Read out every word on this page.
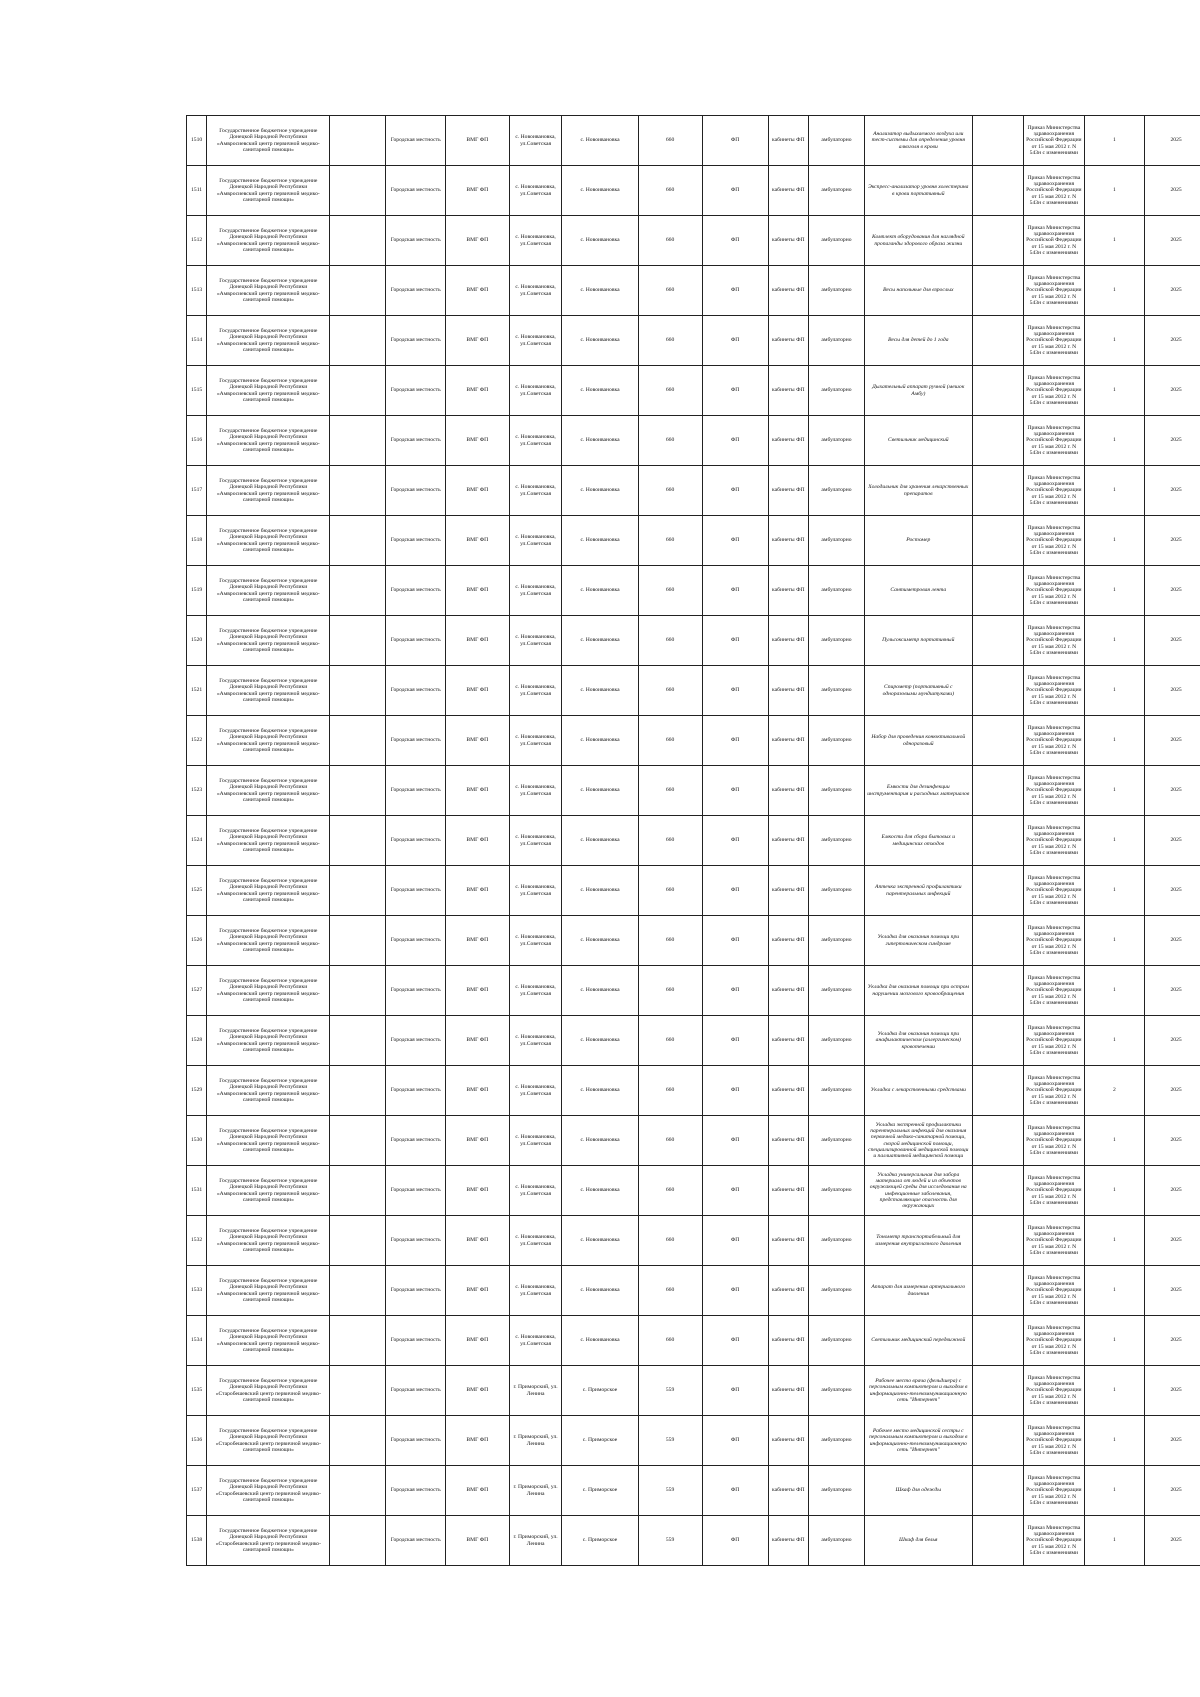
1510	Государственное бюджетное учреждение Донецкой Народной Республики «Амвросиевский центр первичной медико-санитарной помощи»		Городская местность	ВМГ ФП	с. Новоивановка, ул.Советская	с. Новоивановка	660	ФП	кабинеты ФП	амбулаторно	Анализатор выдыхаемого воздуха или тест-системы для определения уровня алкоголя в крови		Приказ Министерства здравоохранения Российской Федерации от 15 мая 2012 г. N 543н с изменениями	1	2025
1511	Государственное бюджетное учреждение Донецкой Народной Республики «Амвросиевский центр первичной медико-санитарной помощи»		Городская местность	ВМГ ФП	с. Новоивановка, ул.Советская	с. Новоивановка	660	ФП	кабинеты ФП	амбулаторно	Экспресс-анализатор уровня холестерина в крови портативный		Приказ Министерства здравоохранения Российской Федерации от 15 мая 2012 г. N 543н с изменениями	1	2025
1512	Государственное бюджетное учреждение Донецкой Народной Республики «Амвросиевский центр первичной медико-санитарной помощи»		Городская местность	ВМГ ФП	с. Новоивановка, ул.Советская	с. Новоивановка	660	ФП	кабинеты ФП	амбулаторно	Комплект оборудования для наглядной пропаганды здорового образа жизни		Приказ Министерства здравоохранения Российской Федерации от 15 мая 2012 г. N 543н с изменениями	1	2025
1513	Государственное бюджетное учреждение Донецкой Народной Республики «Амвросиевский центр первичной медико-санитарной помощи»		Городская местность	ВМГ ФП	с. Новоивановка, ул.Советская	с. Новоивановка	660	ФП	кабинеты ФП	амбулаторно	Весы напольные для взрослых		Приказ Министерства здравоохранения Российской Федерации от 15 мая 2012 г. N 543н с изменениями	1	2025
1514	Государственное бюджетное учреждение Донецкой Народной Республики «Амвросиевский центр первичной медико-санитарной помощи»		Городская местность	ВМГ ФП	с. Новоивановка, ул.Советская	с. Новоивановка	660	ФП	кабинеты ФП	амбулаторно	Весы для детей до 1 года		Приказ Министерства здравоохранения Российской Федерации от 15 мая 2012 г. N 543н с изменениями	1	2025
1515	Государственное бюджетное учреждение Донецкой Народной Республики «Амвросиевский центр первичной медико-санитарной помощи»		Городская местность	ВМГ ФП	с. Новоивановка, ул.Советская	с. Новоивановка	660	ФП	кабинеты ФП	амбулаторно	Дыхательный аппарат ручной (мешок Амбу)		Приказ Министерства здравоохранения Российской Федерации от 15 мая 2012 г. N 543н с изменениями	1	2025
1516	Государственное бюджетное учреждение Донецкой Народной Республики «Амвросиевский центр первичной медико-санитарной помощи»		Городская местность	ВМГ ФП	с. Новоивановка, ул.Советская	с. Новоивановка	660	ФП	кабинеты ФП	амбулаторно	Светильник медицинский		Приказ Министерства здравоохранения Российской Федерации от 15 мая 2012 г. N 543н с изменениями	1	2025
1517	Государственное бюджетное учреждение Донецкой Народной Республики «Амвросиевский центр первичной медико-санитарной помощи»		Городская местность	ВМГ ФП	с. Новоивановка, ул.Советская	с. Новоивановка	660	ФП	кабинеты ФП	амбулаторно	Холодильник для хранения лекарственных препаратов		Приказ Министерства здравоохранения Российской Федерации от 15 мая 2012 г. N 543н с изменениями	1	2025
1518	Государственное бюджетное учреждение Донецкой Народной Республики «Амвросиевский центр первичной медико-санитарной помощи»		Городская местность	ВМГ ФП	с. Новоивановка, ул.Советская	с. Новоивановка	660	ФП	кабинеты ФП	амбулаторно	Ростомер		Приказ Министерства здравоохранения Российской Федерации от 15 мая 2012 г. N 543н с изменениями	1	2025
1519	Государственное бюджетное учреждение Донецкой Народной Республики «Амвросиевский центр первичной медико-санитарной помощи»		Городская местность	ВМГ ФП	с. Новоивановка, ул.Советская	с. Новоивановка	660	ФП	кабинеты ФП	амбулаторно	Сантиметровая лента		Приказ Министерства здравоохранения Российской Федерации от 15 мая 2012 г. N 543н с изменениями	1	2025
1520	Государственное бюджетное учреждение Донецкой Народной Республики «Амвросиевский центр первичной медико-санитарной помощи»		Городская местность	ВМГ ФП	с. Новоивановка, ул.Советская	с. Новоивановка	660	ФП	кабинеты ФП	амбулаторно	Пульсоксиметр портативный		Приказ Министерства здравоохранения Российской Федерации от 15 мая 2012 г. N 543н с изменениями	1	2025
1521	Государственное бюджетное учреждение Донецкой Народной Республики «Амвросиевский центр первичной медико-санитарной помощи»		Городская местность	ВМГ ФП	с. Новоивановка, ул.Советская	с. Новоивановка	660	ФП	кабинеты ФП	амбулаторно	Спирометр (портативный с одноразовыми мундштуками)		Приказ Министерства здравоохранения Российской Федерации от 15 мая 2012 г. N 543н с изменениями	1	2025
1522	Государственное бюджетное учреждение Донецкой Народной Республики «Амвросиевский центр первичной медико-санитарной помощи»		Городская местность	ВМГ ФП	с. Новоивановка, ул.Советская	с. Новоивановка	660	ФП	кабинеты ФП	амбулаторно	Набор для проведения конюктивальной одноразовый		Приказ Министерства здравоохранения Российской Федерации от 15 мая 2012 г. N 543н с изменениями	1	2025
1523	Государственное бюджетное учреждение Донецкой Народной Республики «Амвросиевский центр первичной медико-санитарной помощи»		Городская местность	ВМГ ФП	с. Новоивановка, ул.Советская	с. Новоивановка	660	ФП	кабинеты ФП	амбулаторно	Емкости для дезинфекции инструментария и расходных материалов		Приказ Министерства здравоохранения Российской Федерации от 15 мая 2012 г. N 543н с изменениями	1	2025
1524	Государственное бюджетное учреждение Донецкой Народной Республики «Амвросиевский центр первичной медико-санитарной помощи»		Городская местность	ВМГ ФП	с. Новоивановка, ул.Советская	с. Новоивановка	660	ФП	кабинеты ФП	амбулаторно	Емкости для сбора бытовых и медицинских отходов		Приказ Министерства здравоохранения Российской Федерации от 15 мая 2012 г. N 543н с изменениями	1	2025
1525	Государственное бюджетное учреждение Донецкой Народной Республики «Амвросиевский центр первичной медико-санитарной помощи»		Городская местность	ВМГ ФП	с. Новоивановка, ул.Советская	с. Новоивановка	660	ФП	кабинеты ФП	амбулаторно	Аптечка экстренной профилактики парентеральных инфекций		Приказ Министерства здравоохранения Российской Федерации от 15 мая 2012 г. N 543н с изменениями	1	2025
1526	Государственное бюджетное учреждение Донецкой Народной Республики «Амвросиевский центр первичной медико-санитарной помощи»		Городская местность	ВМГ ФП	с. Новоивановка, ул.Советская	с. Новоивановка	660	ФП	кабинеты ФП	амбулаторно	Укладка для оказания помощи при гипертоническом синдроме		Приказ Министерства здравоохранения Российской Федерации от 15 мая 2012 г. N 543н с изменениями	1	2025
1527	Государственное бюджетное учреждение Донецкой Народной Республики «Амвросиевский центр первичной медико-санитарной помощи»		Городская местность	ВМГ ФП	с. Новоивановка, ул.Советская	с. Новоивановка	660	ФП	кабинеты ФП	амбулаторно	Укладка для оказания помощи при остром нарушении мозгового кровообращения		Приказ Министерства здравоохранения Российской Федерации от 15 мая 2012 г. N 543н с изменениями	1	2025
1528	Государственное бюджетное учреждение Донецкой Народной Республики «Амвросиевский центр первичной медико-санитарной помощи»		Городская местность	ВМГ ФП	с. Новоивановка, ул.Советская	с. Новоивановка	660	ФП	кабинеты ФП	амбулаторно	Укладка для оказания помощи при анафилактическом (аллергическом) кровотечении		Приказ Министерства здравоохранения Российской Федерации от 15 мая 2012 г. N 543н с изменениями	1	2025
1529	Государственное бюджетное учреждение Донецкой Народной Республики «Амвросиевский центр первичной медико-санитарной помощи»		Городская местность	ВМГ ФП	с. Новоивановка, ул.Советская	с. Новоивановка	660	ФП	кабинеты ФП	амбулаторно	Укладка с лекарственными средствами		Приказ Министерства здравоохранения Российской Федерации от 15 мая 2012 г. N 543н с изменениями	2	2025
1530	Государственное бюджетное учреждение Донецкой Народной Республики «Амвросиевский центр первичной медико-санитарной помощи»		Городская местность	ВМГ ФП	с. Новоивановка, ул.Советская	с. Новоивановка	660	ФП	кабинеты ФП	амбулаторно	Укладка экстренной профилактики парентеральных инфекций для оказания первичной медико-санитарной помощи, скорой медицинской помощи, специализированной медицинской помощи и паллиативной медицинской помощи		Приказ Министерства здравоохранения Российской Федерации от 15 мая 2012 г. N 543н с изменениями	1	2025
1531	Государственное бюджетное учреждение Донецкой Народной Республики «Амвросиевский центр первичной медико-санитарной помощи»		Городская местность	ВМГ ФП	с. Новоивановка, ул.Советская	с. Новоивановка	660	ФП	кабинеты ФП	амбулаторно	Укладка универсальная для забора материала от людей и из объектов окружающей среды для исследования на инфекционные заболевания, представляющие опасность для окружающих		Приказ Министерства здравоохранения Российской Федерации от 15 мая 2012 г. N 543н с изменениями	1	2025
1532	Государственное бюджетное учреждение Донецкой Народной Республики «Амвросиевский центр первичной медико-санитарной помощи»		Городская местность	ВМГ ФП	с. Новоивановка, ул.Советская	с. Новоивановка	660	ФП	кабинеты ФП	амбулаторно	Тонометр транспортабельный для измерения внутриглазного давления		Приказ Министерства здравоохранения Российской Федерации от 15 мая 2012 г. N 543н с изменениями	1	2025
1533	Государственное бюджетное учреждение Донецкой Народной Республики «Амвросиевский центр первичной медико-санитарной помощи»		Городская местность	ВМГ ФП	с. Новоивановка, ул.Советская	с. Новоивановка	660	ФП	кабинеты ФП	амбулаторно	Аппарат для измерения артериального давления		Приказ Министерства здравоохранения Российской Федерации от 15 мая 2012 г. N 543н с изменениями	1	2025
1534	Государственное бюджетное учреждение Донецкой Народной Республики «Амвросиевский центр первичной медико-санитарной помощи»		Городская местность	ВМГ ФП	с. Новоивановка, ул.Советская	с. Новоивановка	660	ФП	кабинеты ФП	амбулаторно	Светильник медицинский передвижной		Приказ Министерства здравоохранения Российской Федерации от 15 мая 2012 г. N 543н с изменениями	1	2025
1535	Государственное бюджетное учреждение Донецкой Народной Республики «Старобешевский центр первичной медико-санитарной помощи»		Городская местность	ВМГ ФП	г. Приморский, ул. Ленина	с. Приморское	559	ФП	кабинеты ФП	амбулаторно	Рабочее место врача (фельдшера) с персональным компьютером и выходом в информационно-телекоммуникационную сеть "Интернет"		Приказ Министерства здравоохранения Российской Федерации от 15 мая 2012 г. N 543н с изменениями	1	2025
1536	Государственное бюджетное учреждение Донецкой Народной Республики «Старобешевский центр первичной медико-санитарной помощи»		Городская местность	ВМГ ФП	г. Приморский, ул. Ленина	с. Приморское	559	ФП	кабинеты ФП	амбулаторно	Рабочее место медицинской сестры с персональным компьютером и выходом в информационно-телекоммуникационную сеть "Интернет"		Приказ Министерства здравоохранения Российской Федерации от 15 мая 2012 г. N 543н с изменениями	1	2025
1537	Государственное бюджетное учреждение Донецкой Народной Республики «Старобешевский центр первичной медико-санитарной помощи»		Городская местность	ВМГ ФП	г. Приморский, ул. Ленина	с. Приморское	559	ФП	кабинеты ФП	амбулаторно	Шкаф для одежды		Приказ Министерства здравоохранения Российской Федерации от 15 мая 2012 г. N 543н с изменениями	1	2025
1538	Государственное бюджетное учреждение Донецкой Народной Республики «Старобешевский центр первичной медико-санитарной помощи»		Городская местность	ВМГ ФП	г. Приморский, ул. Ленина	с. Приморское	559	ФП	кабинеты ФП	амбулаторно	Шкаф для белья		Приказ Министерства здравоохранения Российской Федерации от 15 мая 2012 г. N 543н с изменениями	1	2025
